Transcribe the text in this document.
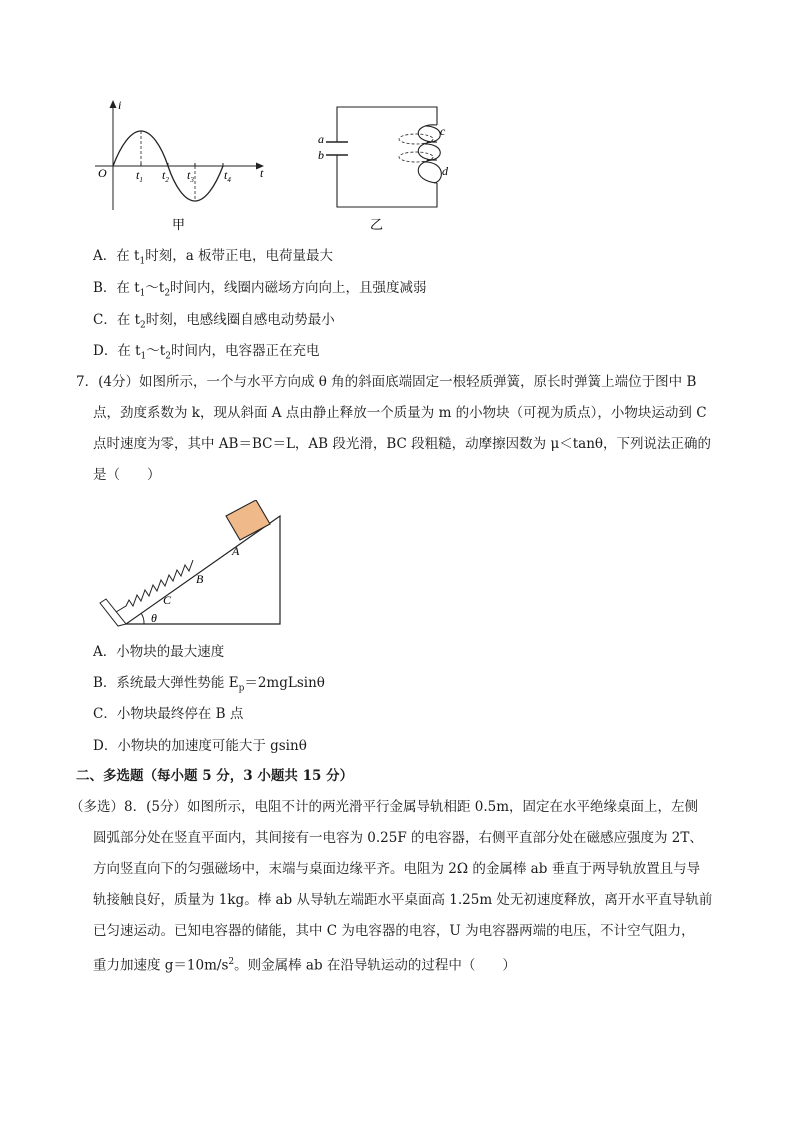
i
t
O $t_1$ $t_2$ $t_3$	$t_4$
甲
a
b
c
d
乙
A．在 $t_1$时刻，a 板带正电，电荷量最大
B．在 $t_1\sim t_2$时间内，线圈内磁场方向向上，且强度减弱
C．在 $t_2$时刻，电感线圈自感电动势最小
D．在 $t_1\sim t_2$时间内，电容器正在充电
7．(4分）如图所示，一个与水平方向成 θ 角的斜面底端固定一根轻质弹簧，原长时弹簧上端位于图中 B
点，劲度系数为 k，现从斜面 A 点由静止释放一个质量为 m 的小物块（可视为质点），小物块运动到 C
点时速度为零，其中 AB＝BC＝L，AB 段光滑，BC 段粗糙，动摩擦因数为 μ＜tanθ，下列说法正确的
是（　　）
A
B
C
θ
A．小物块的最大速度
B．系统最大弹性势能 $E_p=2mgLsin\theta$
C．小物块最终停在 B 点
D．小物块的加速度可能大于 gsinθ
二、多选题（每小题 5 分，3 小题共 15 分）
（多选）8．(5分）如图所示，电阻不计的两光滑平行金属导轨相距 0.5m，固定在水平绝缘桌面上，左侧
圆弧部分处在竖直平面内，其间接有一电容为 0.25F 的电容器，右侧平直部分处在磁感应强度为 2T、
方向竖直向下的匀强磁场中，末端与桌面边缘平齐。电阻为 2Ω 的金属棒 ab 垂直于两导轨放置且与导
轨接触良好，质量为 1kg。棒 ab 从导轨左端距水平桌面高 1.25m 处无初速度释放，离开水平直导轨前
已匀速运动。已知电容器的储能，其中 C 为电容器的电容，U 为电容器两端的电压，不计空气阻力，
重力加速度 $g=10m/s^2$。则金属棒 ab 在沿导轨运动的过程中（　　）
